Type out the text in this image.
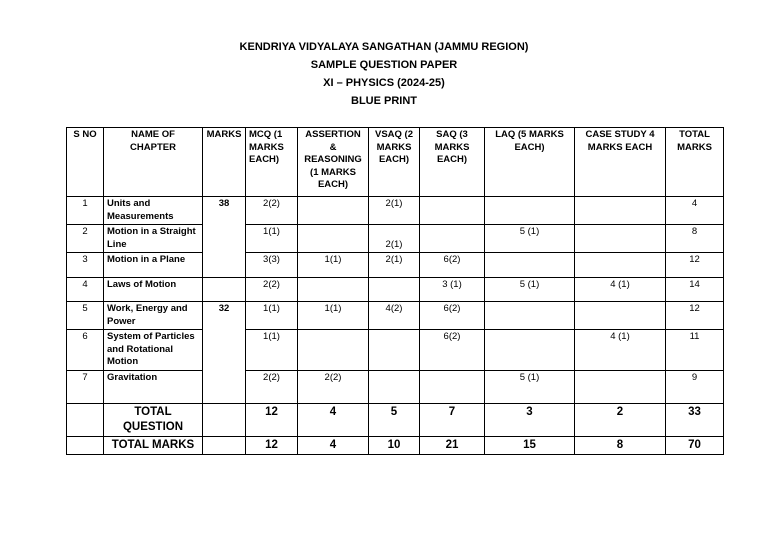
KENDRIYA VIDYALAYA SANGATHAN (JAMMU REGION)
SAMPLE QUESTION PAPER
XI – PHYSICS (2024-25)
BLUE PRINT
S NO	NAME OF CHAPTER	MARKS	MCQ (1 MARKS EACH)	ASSERTION & REASONING (1 MARKS EACH)	VSAQ (2 MARKS EACH)	SAQ (3 MARKS EACH)	LAQ (5 MARKS EACH)	CASE STUDY 4 MARKS EACH	TOTAL MARKS
1	Units and Measurements	38	2(2)		2(1)				4
2	Motion in a Straight Line		1(1)		2(1)		5 (1)		8
3	Motion in a Plane		3(3)	1(1)	2(1)	6(2)			12
4	Laws of Motion		2(2)			3 (1)	5 (1)	4 (1)	14
5	Work, Energy and Power	32	1(1)	1(1)	4(2)	6(2)			12
6	System of Particles and Rotational Motion		1(1)			6(2)		4 (1)	11
7	Gravitation		2(2)	2(2)			5 (1)		9
	TOTAL QUESTION		12	4	5	7	3	2	33
	TOTAL MARKS		12	4	10	21	15	8	70
